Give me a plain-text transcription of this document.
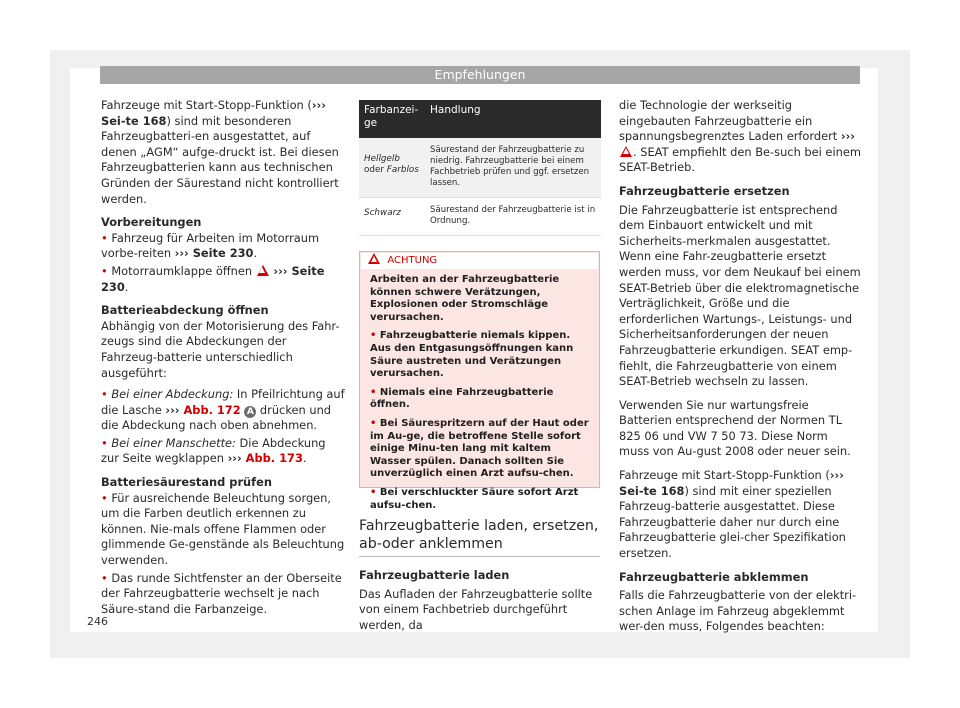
Empfehlungen

Fahrzeuge mit Start-Stopp-Funktion (››› Sei-te 168) sind mit besonderen Fahrzeugbatteri-en ausgestattet, auf denen „AGM“ aufge-druckt ist. Bei diesen Fahrzeugbatterien kann aus technischen Gründen der Säurestand nicht kontrolliert werden.

Vorbereitungen

• Fahrzeug für Arbeiten im Motorraum vorbe-reiten ››› Seite 230.

• Motorraumklappe öffnen  ››› Seite 230.

Batterieabdeckung öffnen

Abhängig von der Motorisierung des Fahr-zeugs sind die Abdeckungen der Fahrzeug-batterie unterschiedlich ausgeführt:

• Bei einer Abdeckung: In Pfeilrichtung auf die Lasche ››› Abb. 172 A drücken und die Abdeckung nach oben abnehmen.

• Bei einer Manschette: Die Abdeckung zur Seite wegklappen ››› Abb. 173.

Batteriesäurestand prüfen

• Für ausreichende Beleuchtung sorgen, um die Farben deutlich erkennen zu können. Nie-mals offene Flammen oder glimmende Ge-genstände als Beleuchtung verwenden.

• Das runde Sichtfenster an der Oberseite der Fahrzeugbatterie wechselt je nach Säure-stand die Farbanzeige.

Farbanzei-ge	Handlung
Hellgelb
oder Farblos	Säurestand der Fahrzeugbatterie zu niedrig. Fahrzeugbatterie bei einem Fachbetrieb prüfen und ggf. ersetzen lassen.
Schwarz	Säurestand der Fahrzeugbatterie ist in Ordnung.
ACHTUNG

Arbeiten an der Fahrzeugbatterie können schwere Verätzungen, Explosionen oder Stromschläge verursachen.

• Fahrzeugbatterie niemals kippen. Aus den Entgasungsöffnungen kann Säure austreten und Verätzungen verursachen.

• Niemals eine Fahrzeugbatterie öffnen.

• Bei Säurespritzern auf der Haut oder im Au-ge, die betroffene Stelle sofort einige Minu-ten lang mit kaltem Wasser spülen. Danach sollten Sie unverzüglich einen Arzt aufsu-chen.

• Bei verschluckter Säure sofort Arzt aufsu-chen.

Fahrzeugbatterie laden, ersetzen, ab-oder anklemmen
Fahrzeugbatterie laden

Das Aufladen der Fahrzeugbatterie sollte von einem Fachbetrieb durchgeführt werden, da

die Technologie der werkseitig eingebauten Fahrzeugbatterie ein spannungsbegrenztes Laden erfordert ››› . SEAT empfiehlt den Be-such bei einem SEAT-Betrieb.

Fahrzeugbatterie ersetzen

Die Fahrzeugbatterie ist entsprechend dem Einbauort entwickelt und mit Sicherheits-merkmalen ausgestattet. Wenn eine Fahr-zeugbatterie ersetzt werden muss, vor dem Neukauf bei einem SEAT-Betrieb über die elektromagnetische Verträglichkeit, Größe und die erforderlichen Wartungs-, Leistungs- und Sicherheitsanforderungen der neuen Fahrzeugbatterie erkundigen. SEAT emp-fiehlt, die Fahrzeugbatterie von einem SEAT-Betrieb wechseln zu lassen.

Verwenden Sie nur wartungsfreie Batterien entsprechend der Normen TL 825 06 und VW 7 50 73. Diese Norm muss von Au-gust 2008 oder neuer sein.

Fahrzeuge mit Start-Stopp-Funktion (››› Sei-te 168) sind mit einer speziellen Fahrzeug-batterie ausgestattet. Diese Fahrzeugbatterie daher nur durch eine Fahrzeugbatterie glei-cher Spezifikation ersetzen.

Fahrzeugbatterie abklemmen

Falls die Fahrzeugbatterie von der elektri-schen Anlage im Fahrzeug abgeklemmt wer-den muss, Folgendes beachten:

246
